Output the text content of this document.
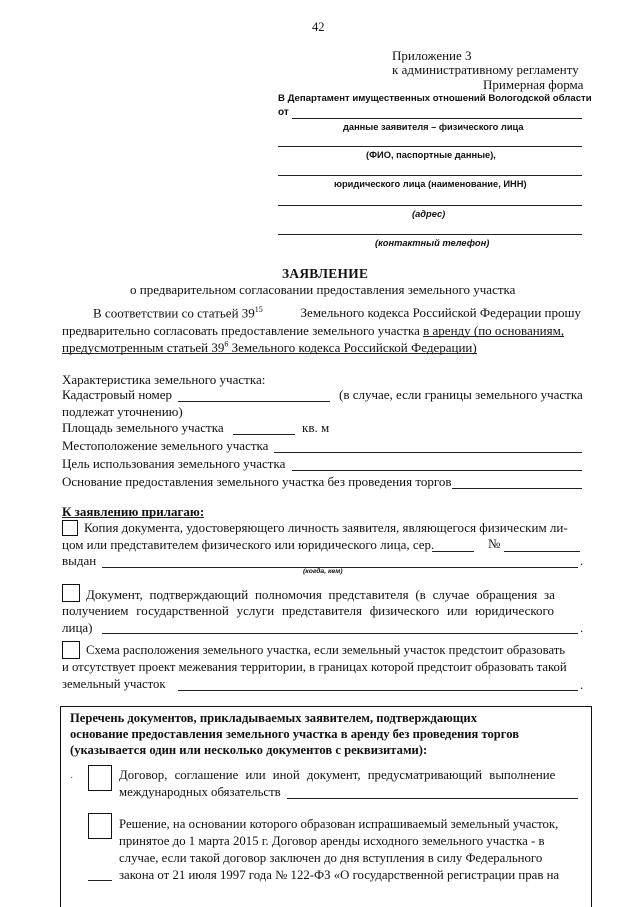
42
Приложение 3
к административному регламенту
Примерная форма
В Департамент имущественных отношений Вологодской области
от
данные заявителя – физического лица
(ФИО, паспортные данные),
юридического лица (наименование, ИНН)
(адрес)
(контактный телефон)
ЗАЯВЛЕНИЕ
о предварительном согласовании предоставления земельного участка
В соответствии со статьей $39^{15}$	Земельного кодекса Российской Федерации прошу
предварительно согласовать предоставление земельного участка в аренду (по основаниям,
предусмотренным статьей $39^6$ Земельного кодекса Российской Федерации)
Характеристика земельного участка:
Кадастровый номер	(в случае, если границы земельного участка
подлежат уточнению)
Площадь земельного участка	кв. м
Местоположение земельного участка
Цель использования земельного участка
Основание предоставления земельного участка без проведения торгов
К заявлению прилагаю:
Копия документа, удостоверяющего личность заявителя, являющегося физическим ли-
цом или представителем физического или юридического лица, сер.	№
выдан	.
(когда, кем)
Документ, подтверждающий полномочия представителя (в случае обращения за
получением государственной услуги представителя физического или юридического
лица)	.
Схема расположения земельного участка, если земельный участок предстоит образовать
и отсутствует проект межевания территории, в границах которой предстоит образовать такой
земельный участок	.
Перечень документов, прикладываемых заявителем, подтверждающих
основание предоставления земельного участка в аренду без проведения торгов
(указывается один или несколько документов с реквизитами):
·	Договор, соглашение или иной документ, предусматривающий выполнение
международных обязательств
Решение, на основании которого образован испрашиваемый земельный участок,
принятое до 1 марта 2015 г. Договор аренды исходного земельного участка - в
случае, если такой договор заключен до дня вступления в силу Федерального
закона от 21 июля 1997 года № 122-ФЗ «О государственной регистрации прав на
